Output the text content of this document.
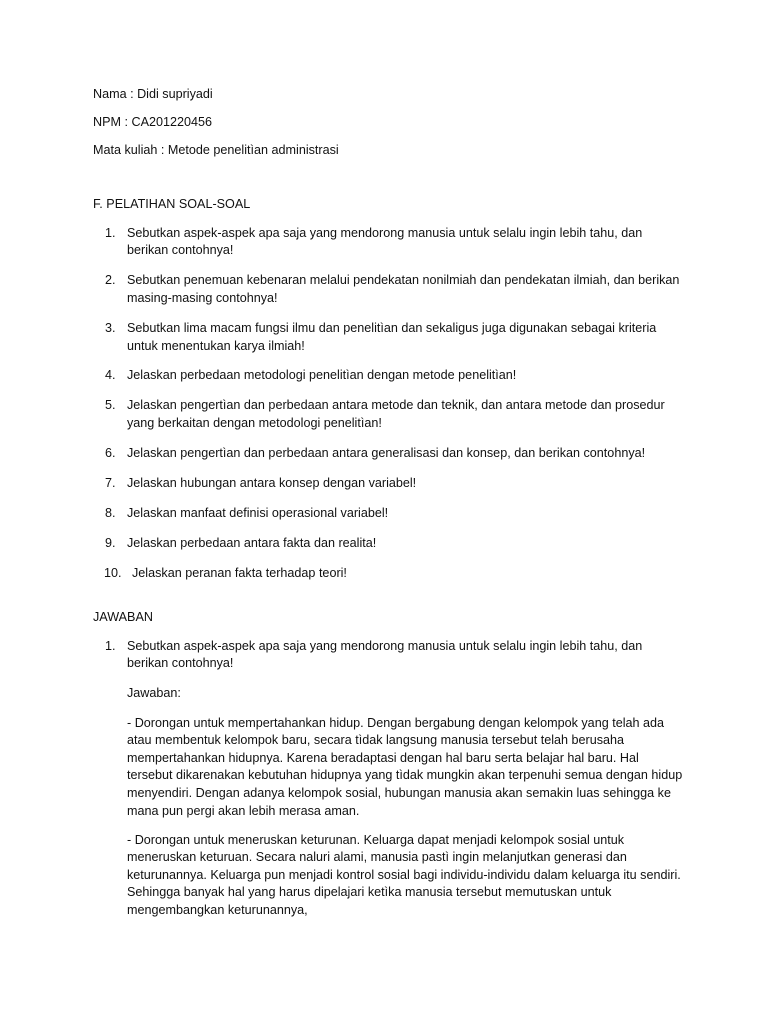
Nama : Didi supriyadi

NPM : CA201220456

Mata kuliah : Metode penelitìan administrasi

F. PELATIHAN SOAL-SOAL

1. Sebutkan aspek-aspek apa saja yang mendorong manusia untuk selalu ingin lebih tahu, dan berikan contohnya!
2. Sebutkan penemuan kebenaran melalui pendekatan nonilmiah dan pendekatan ilmiah, dan berikan masing-masing contohnya!
3. Sebutkan lima macam fungsi ilmu dan penelitìan dan sekaligus juga digunakan sebagai kriteria untuk menentukan karya ilmiah!
4. Jelaskan perbedaan metodologi penelitìan dengan metode penelitìan!
5. Jelaskan pengertìan dan perbedaan antara metode dan teknik, dan antara metode dan prosedur yang berkaitan dengan metodologi penelitìan!
6. Jelaskan pengertìan dan perbedaan antara generalisasi dan konsep, dan berikan contohnya!
7. Jelaskan hubungan antara konsep dengan variabel!
8. Jelaskan manfaat definisi operasional variabel!
9. Jelaskan perbedaan antara fakta dan realita!
10. Jelaskan peranan fakta terhadap teori!

JAWABAN

1. Sebutkan aspek-aspek apa saja yang mendorong manusia untuk selalu ingin lebih tahu, dan berikan contohnya!

Jawaban:

- Dorongan untuk mempertahankan hidup. Dengan bergabung dengan kelompok yang telah ada atau membentuk kelompok baru, secara tìdak langsung manusia tersebut telah berusaha mempertahankan hidupnya. Karena beradaptasi dengan hal baru serta belajar hal baru. Hal tersebut dikarenakan kebutuhan hidupnya yang tìdak mungkin akan terpenuhi semua dengan hidup menyendiri. Dengan adanya kelompok sosial, hubungan manusia akan semakin luas sehingga ke mana pun pergi akan lebih merasa aman.

- Dorongan untuk meneruskan keturunan. Keluarga dapat menjadi kelompok sosial untuk meneruskan keturuan. Secara naluri alami, manusia pastì ingin melanjutkan generasi dan keturunannya. Keluarga pun menjadi kontrol sosial bagi individu-individu dalam keluarga itu sendiri. Sehingga banyak hal yang harus dipelajari ketìka manusia tersebut memutuskan untuk mengembangkan keturunannya,
